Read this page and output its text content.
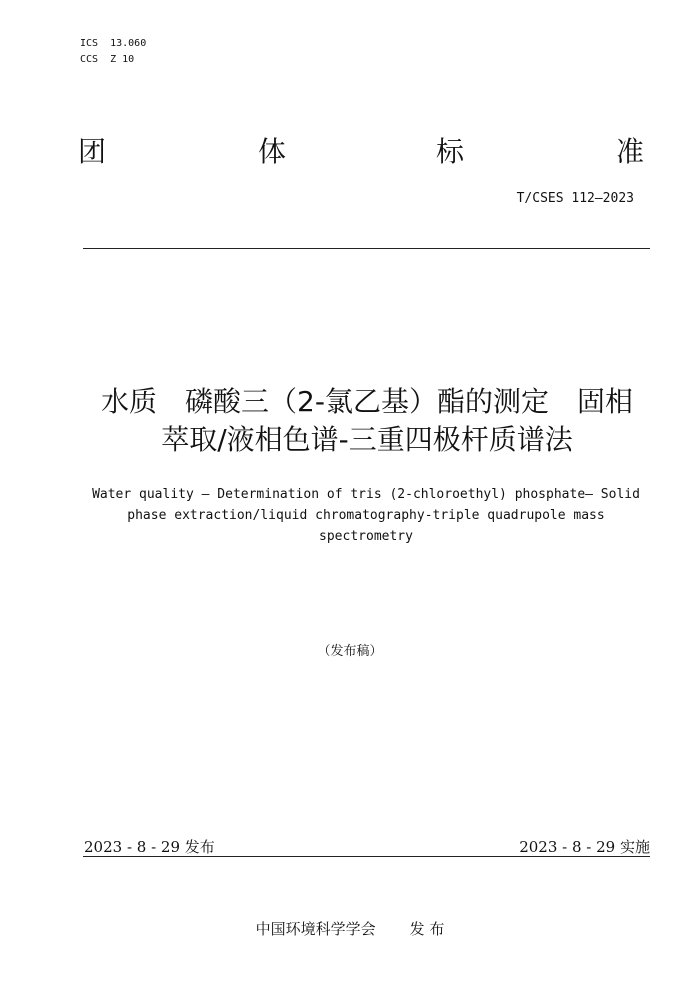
ICS  13.060
CCS  Z 10
团	体	标	准
T/CSES 112—2023
水质　磷酸三（2-氯乙基）酯的测定　固相
萃取/液相色谱-三重四极杆质谱法
Water quality — Determination of tris (2-chloroethyl) phosphate— Solid phase extraction/liquid chromatography-triple quadrupole mass spectrometry
（发布稿）
2023 - 8 - 29 发布	2023 - 8 - 29 实施
中国环境科学学会 发 布
